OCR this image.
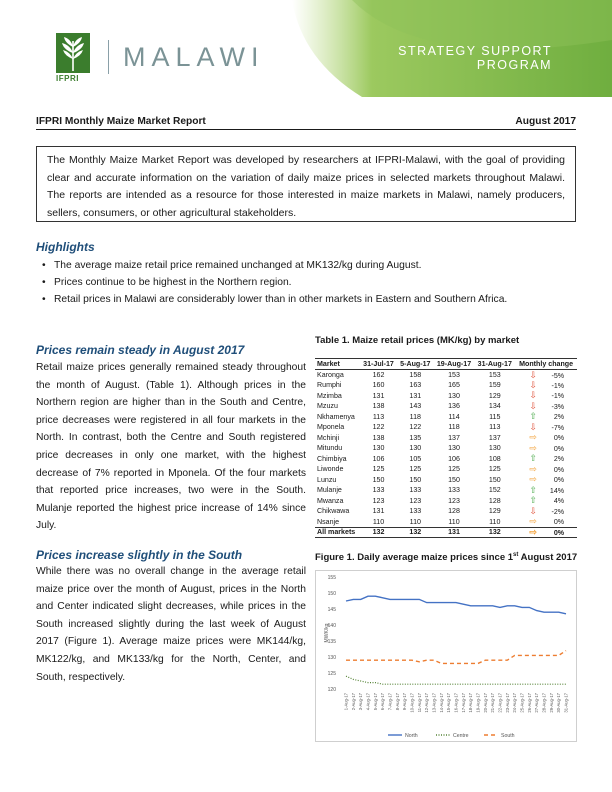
IFPRI
MALAWI	STRATEGY SUPPORT
PROGRAM
IFPRI Monthly Maize Market Report	August 2017
The Monthly Maize Market Report was developed by researchers at IFPRI-Malawi, with the goal of providing clear and accurate information on the variation of daily maize prices in selected markets throughout Malawi. The reports are intended as a resource for those interested in maize markets in Malawi, namely producers, sellers, consumers, or other agricultural stakeholders.
Highlights
• The average maize retail price remained unchanged at MK132/kg during August.
• Prices continue to be highest in the Northern region.
• Retail prices in Malawi are considerably lower than in other markets in Eastern and Southern Africa.
Prices remain steady in August 2017
Retail maize prices generally remained steady throughout the month of August. (Table 1). Although prices in the Northern region are higher than in the South and Centre, price decreases were registered in all four markets in the North. In contrast, both the Centre and South registered price decreases in only one market, with the highest decrease of 7% reported in Mponela. Of the four markets that reported price increases, two were in the South. Mulanje reported the highest price increase of 14% since July.
Prices increase slightly in the South
While there was no overall change in the average retail maize price over the month of August, prices in the North and Center indicated slight decreases, while prices in the South increased slightly during the last week of August 2017 (Figure 1). Average maize prices were MK144/kg, MK122/kg, and MK133/kg for the North, Center, and South, respectively.
Table 1. Maize retail prices (MK/kg) by market
Market	31-Jul-17	5-Aug-17	19-Aug-17	31-Aug-17	Monthly change
Karonga	162	158	153	153	⇩ -5%
Rumphi	160	163	165	159	⇩ -1%
Mzimba	131	131	130	129	⇩ -1%
Mzuzu	138	143	136	134	⇩ -3%
Nkhamenya	113	118	114	115	⇧ 2%
Mponela	122	122	118	113	⇩ -7%
Mchinji	138	135	137	137	⇨ 0%
Mitundu	130	130	130	130	⇨ 0%
Chimbiya	106	105	106	108	⇧ 2%
Liwonde	125	125	125	125	⇨ 0%
Lunzu	150	150	150	150	⇨ 0%
Mulanje	133	133	133	152	⇧ 14%
Mwanza	123	123	123	128	⇧ 4%
Chikwawa	131	133	128	129	⇩ -2%
Nsanje	110	110	110	110	⇨ 0%
All markets	132	132	131	132	⇨ 0%
Figure 1. Daily average maize prices since 1st August 2017
120
125
130
135
140
145
150
155
MWK/kg
1-Aug-17 2-Aug-17 3-Aug-17 4-Aug-17 5-Aug-17 6-Aug-17 7-Aug-17 8-Aug-17 9-Aug-17 10-Aug-17 11-Aug-17 12-Aug-17 13-Aug-17 14-Aug-17 15-Aug-17 16-Aug-17 17-Aug-17 18-Aug-17 19-Aug-17 20-Aug-17 21-Aug-17 22-Aug-17 23-Aug-17 24-Aug-17 25-Aug-17 26-Aug-17 27-Aug-17 28-Aug-17 29-Aug-17 30-Aug-17 31-Aug-17
North	Centre	South
